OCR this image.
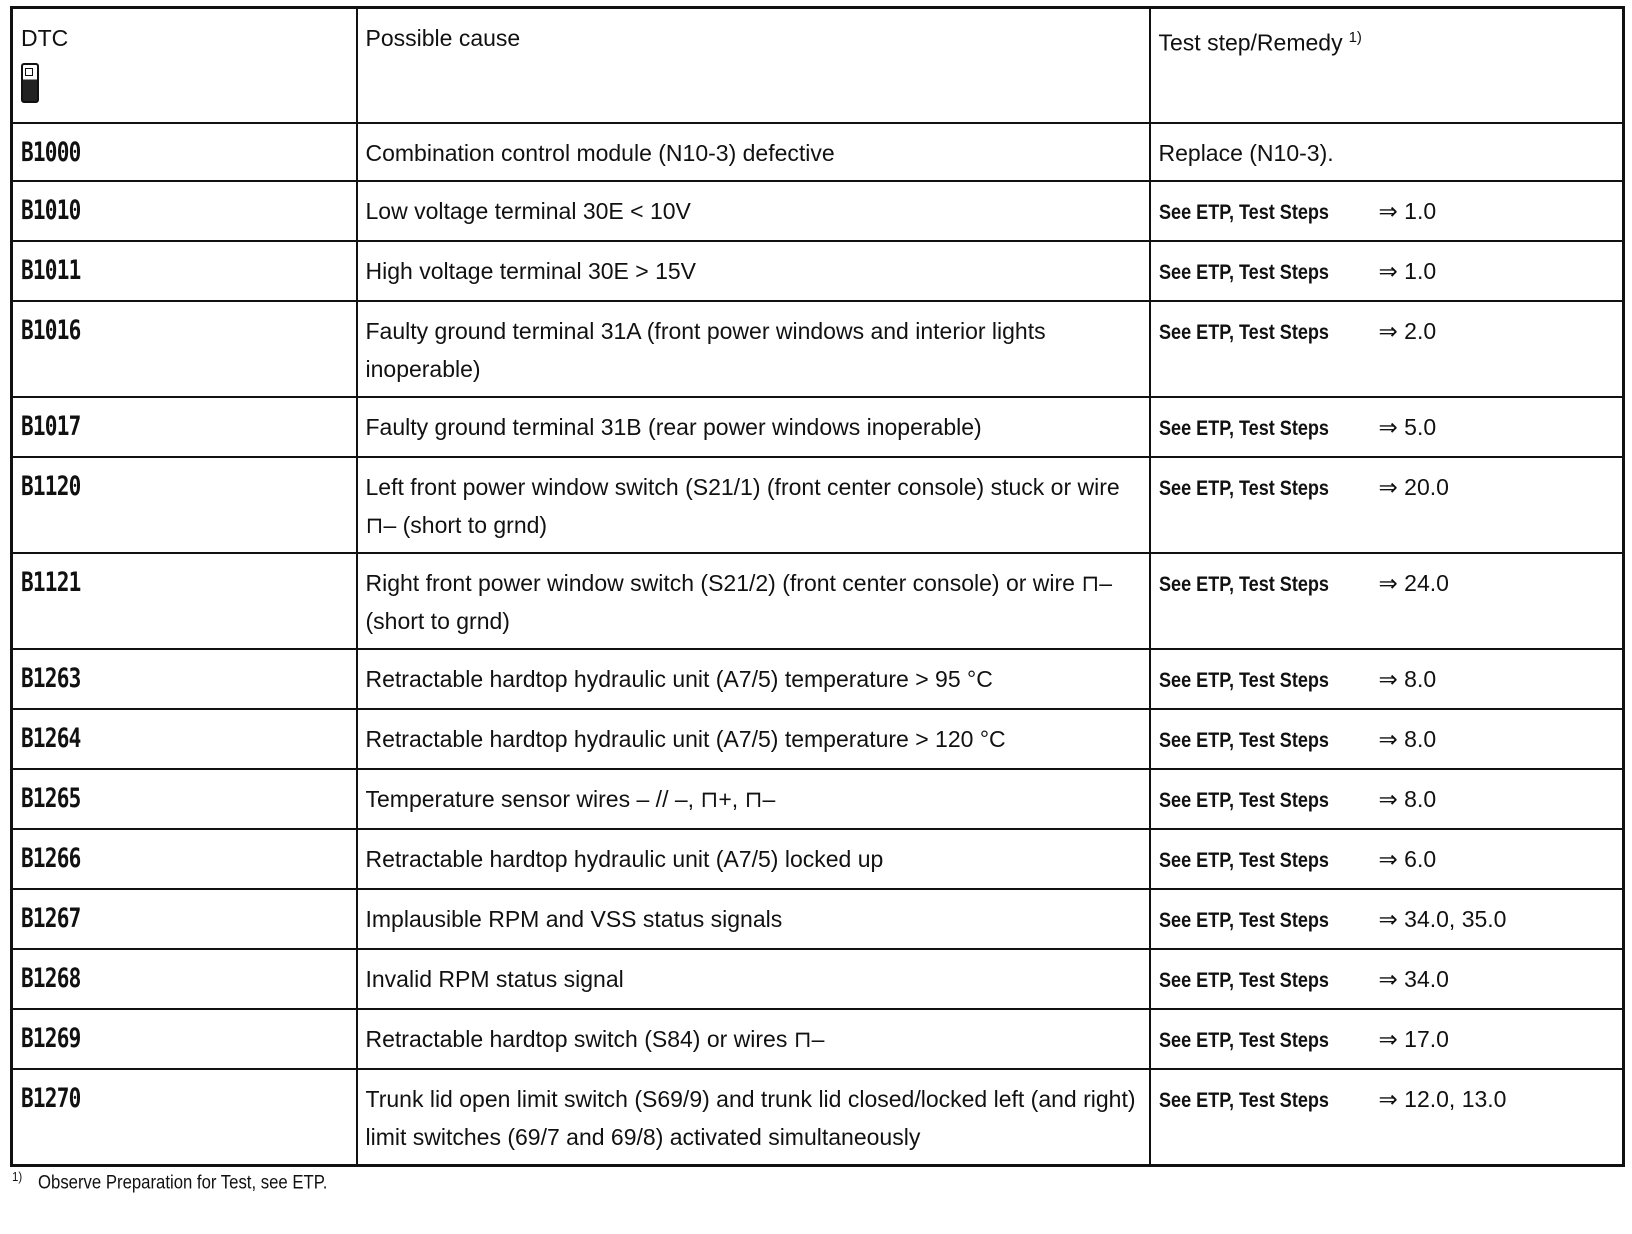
DTC	Possible cause	Test step/Remedy $^{1)}$
B1000	Combination control module (N10-3) defective	Replace (N10-3).
B1010	Low voltage terminal 30E < 10V	See ETP, Test Steps ⇒ 1.0
B1011	High voltage terminal 30E > 15V	See ETP, Test Steps ⇒ 1.0
B1016	Faulty ground terminal 31A (front power windows and interior lights inoperable)	See ETP, Test Steps ⇒ 2.0
B1017	Faulty ground terminal 31B (rear power windows inoperable)	See ETP, Test Steps ⇒ 5.0
B1120	Left front power window switch (S21/1) (front center console) stuck or wire ⊓– (short to grnd)	See ETP, Test Steps ⇒ 20.0
B1121	Right front power window switch (S21/2) (front center console) or wire ⊓– (short to grnd)	See ETP, Test Steps ⇒ 24.0
B1263	Retractable hardtop hydraulic unit (A7/5) temperature > 95 °C	See ETP, Test Steps ⇒ 8.0
B1264	Retractable hardtop hydraulic unit (A7/5) temperature > 120 °C	See ETP, Test Steps ⇒ 8.0
B1265	Temperature sensor wires – // –, ⊓+, ⊓–	See ETP, Test Steps ⇒ 8.0
B1266	Retractable hardtop hydraulic unit (A7/5) locked up	See ETP, Test Steps ⇒ 6.0
B1267	Implausible RPM and VSS status signals	See ETP, Test Steps ⇒ 34.0, 35.0
B1268	Invalid RPM status signal	See ETP, Test Steps ⇒ 34.0
B1269	Retractable hardtop switch (S84) or wires ⊓–	See ETP, Test Steps ⇒ 17.0
B1270	Trunk lid open limit switch (S69/9) and trunk lid closed/locked left (and right) limit switches (69/7 and 69/8) activated simultaneously	See ETP, Test Steps ⇒ 12.0, 13.0
$^{1)}$ Observe Preparation for Test, see ETP.
